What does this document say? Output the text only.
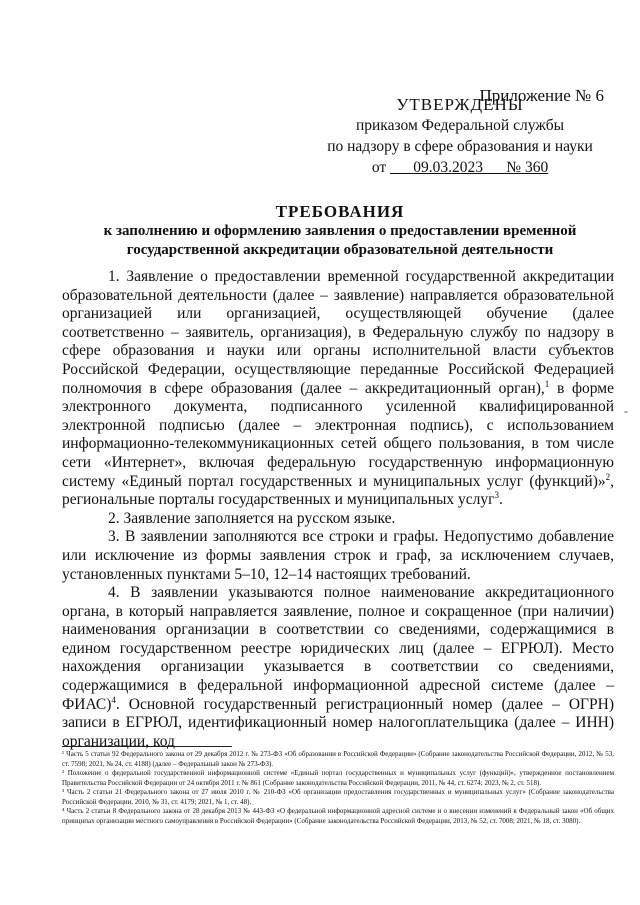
Приложение № 6
УТВЕРЖДЕНЫ
приказом Федеральной службы
по надзору в сфере образования и науки
от 09.03.2023 № 360
ТРЕБОВАНИЯ
к заполнению и оформлению заявления о предоставлении временной государственной аккредитации образовательной деятельности

1. Заявление о предоставлении временной государственной аккредитации образовательной деятельности (далее – заявление) направляется образовательной организацией или организацией, осуществляющей обучение (далее соответственно – заявитель, организация), в Федеральную службу по надзору в сфере образования и науки или органы исполнительной власти субъектов Российской Федерации, осуществляющие переданные Российской Федерацией полномочия в сфере образования (далее – аккредитационный орган),$^1$ в форме электронного документа, подписанного усиленной квалифицированной электронной подписью (далее – электронная подпись), с использованием информационно-телекоммуникационных сетей общего пользования, в том числе сети «Интернет», включая федеральную государственную информационную систему «Единый портал государственных и муниципальных услуг (функций)»$^2$, региональные порталы государственных и муниципальных услуг$^3$.

2. Заявление заполняется на русском языке.

3. В заявлении заполняются все строки и графы. Недопустимо добавление или исключение из формы заявления строк и граф, за исключением случаев, установленных пунктами 5–10, 12–14 настоящих требований.

4. В заявлении указываются полное наименование аккредитационного органа, в который направляется заявление, полное и сокращенное (при наличии) наименования организации в соответствии со сведениями, содержащимися в едином государственном реестре юридических лиц (далее – ЕГРЮЛ). Место нахождения организации указывается в соответствии со сведениями, содержащимися в федеральной информационной адресной системе (далее – ФИАС)$^4$. Основной государственный регистрационный номер (далее – ОГРН) записи в ЕГРЮЛ, идентификационный номер налогоплательщика (далее – ИНН) организации, код

-

¹ Часть 5 статьи 92 Федерального закона от 29 декабря 2012 г. № 273-ФЗ «Об образовании в Российской Федерации» (Собрание законодательства Российской Федерации, 2012, № 53, ст. 7598; 2021, № 24, ст. 4188) (далее – Федеральный закон № 273-ФЗ).

² Положение о федеральной государственной информационной системе «Единый портал государственных и муниципальных услуг (функций)», утвержденное постановлением Правительства Российской Федерации от 24 октября 2011 г. № 861 (Собрание законодательства Российской Федерации, 2011, № 44, ст. 6274; 2023, № 2, ст. 518).

³ Часть 2 статьи 21 Федерального закона от 27 июля 2010 г. № 210-ФЗ «Об организации предоставления государственных и муниципальных услуг» (Собрание законодательства Российской Федерации, 2010, № 31, ст. 4179; 2021, № 1, ст. 48).

⁴ Часть 2 статьи 8 Федерального закона от 28 декабря 2013 № 443-ФЗ «О федеральной информационной адресной системе и о внесении изменений в Федеральный закон «Об общих принципах организации местного самоуправления в Российской Федерации» (Собрание законодательства Российской Федерации, 2013, № 52, ст. 7008; 2021, № 18, ст. 3080).
